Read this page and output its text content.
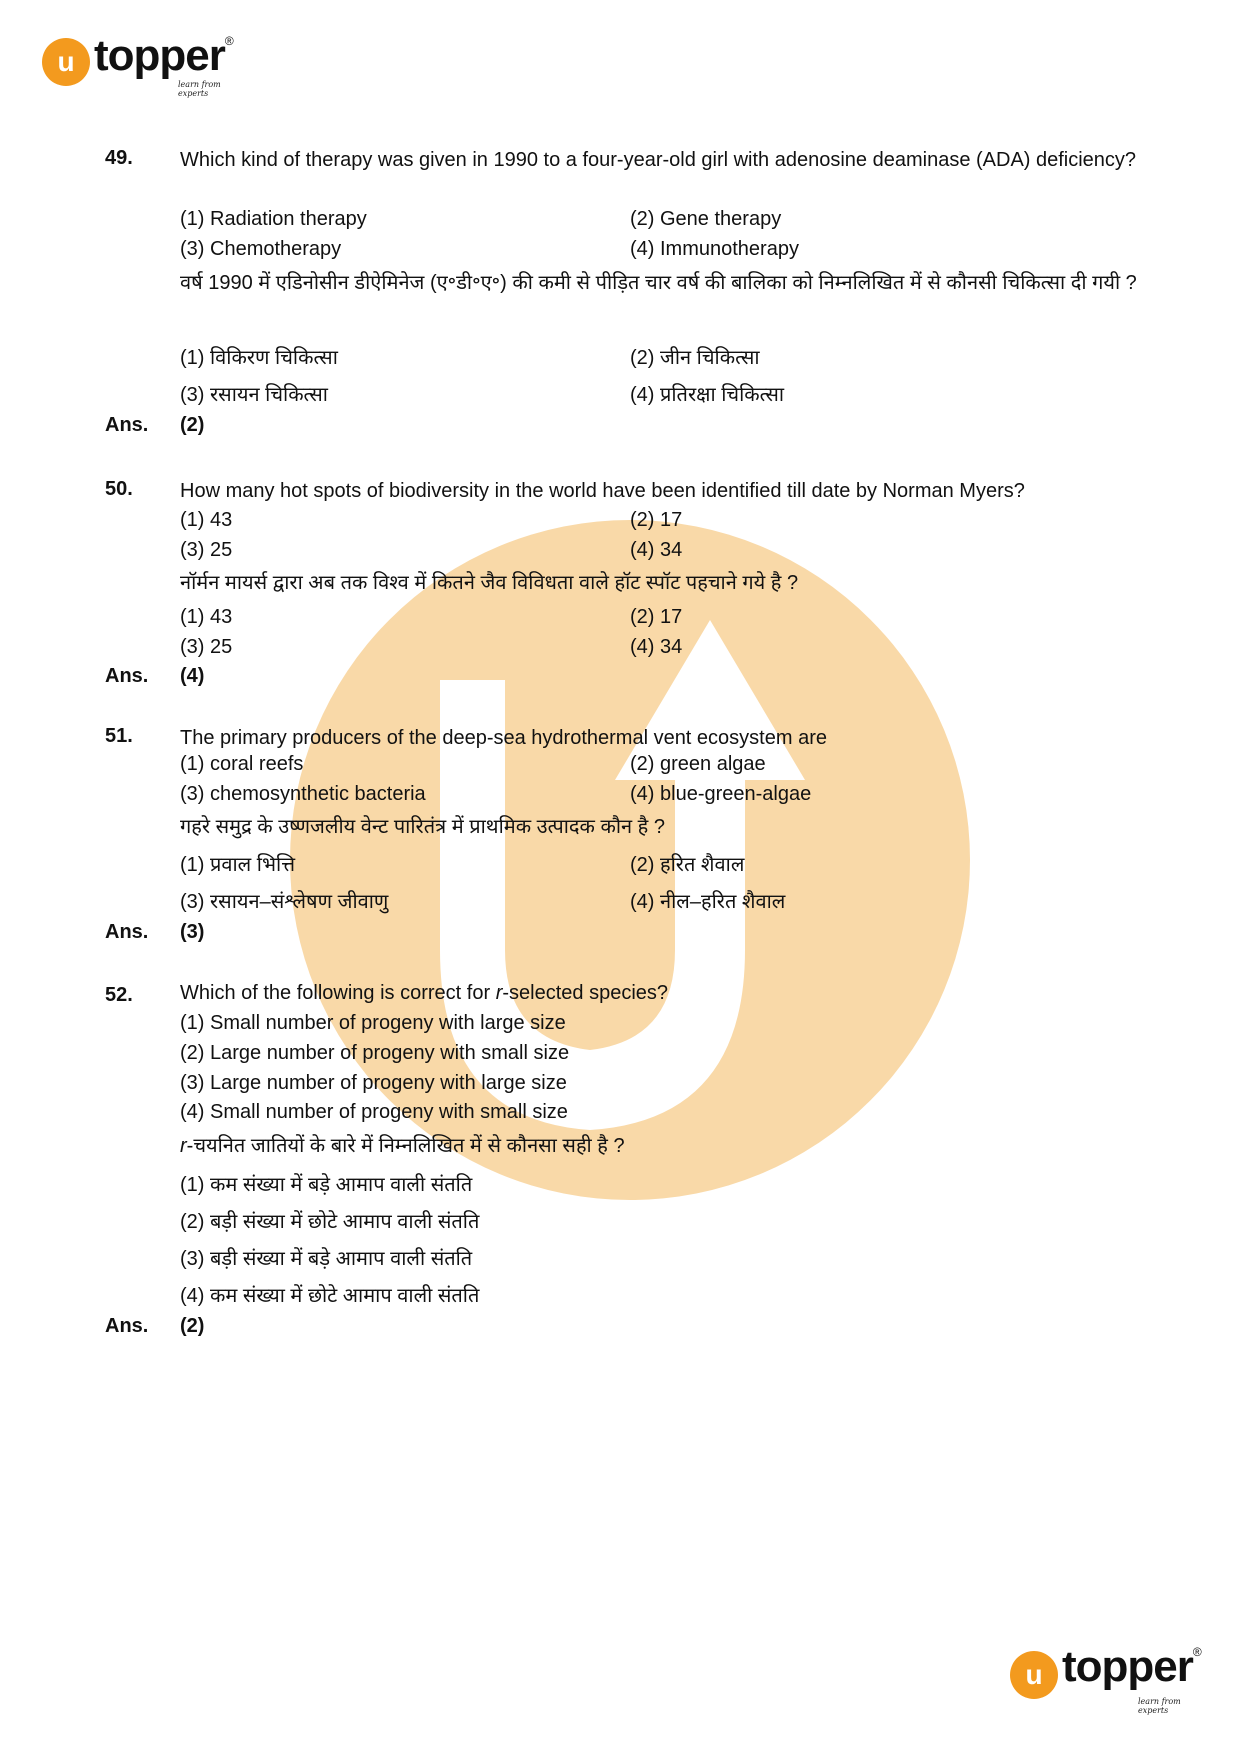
u topper ®
learn from experts
49. Which kind of therapy was given in 1990 to a four-year-old girl with adenosine deaminase (ADA) deficiency?
(1) Radiation therapy	(2) Gene therapy
(3) Chemotherapy	(4) Immunotherapy
वर्ष 1990 में एडिनोसीन डीऐमिनेज (ए॰डी॰ए॰) की कमी से पीड़ित चार वर्ष की बालिका को निम्नलिखित में से कौनसी चिकित्सा दी गयी ?
(1) विकिरण चिकित्सा	(2) जीन चिकित्सा
(3) रसायन चिकित्सा	(4) प्रतिरक्षा चिकित्सा
Ans. (2)
50. How many hot spots of biodiversity in the world have been identified till date by Norman Myers?
(1) 43	(2) 17
(3) 25	(4) 34
नॉर्मन मायर्स द्वारा अब तक विश्व में कितने जैव विविधता वाले हॉट स्पॉट पहचाने गये है ?
(1) 43	(2) 17
(3) 25	(4) 34
Ans. (4)
51. The primary producers of the deep-sea hydrothermal vent ecosystem are
(1) coral reefs	(2) green algae
(3) chemosynthetic bacteria	(4) blue-green-algae
गहरे समुद्र के उष्णजलीय वेन्ट पारितंत्र में प्राथमिक उत्पादक कौन है ?
(1) प्रवाल भित्ति	(2) हरित शैवाल
(3) रसायन–संश्लेषण जीवाणु	(4) नील–हरित शैवाल
Ans. (3)
52. Which of the following is correct for r-selected species?
(1) Small number of progeny with large size
(2) Large number of progeny with small size
(3) Large number of progeny with large size
(4) Small number of progeny with small size
r-चयनित जातियों के बारे में निम्नलिखित में से कौनसा सही है ?
(1) कम संख्या में बड़े आमाप वाली संतति
(2) बड़ी संख्या में छोटे आमाप वाली संतति
(3) बड़ी संख्या में बड़े आमाप वाली संतति
(4) कम संख्या में छोटे आमाप वाली संतति
Ans. (2)
u topper ®
learn from experts
